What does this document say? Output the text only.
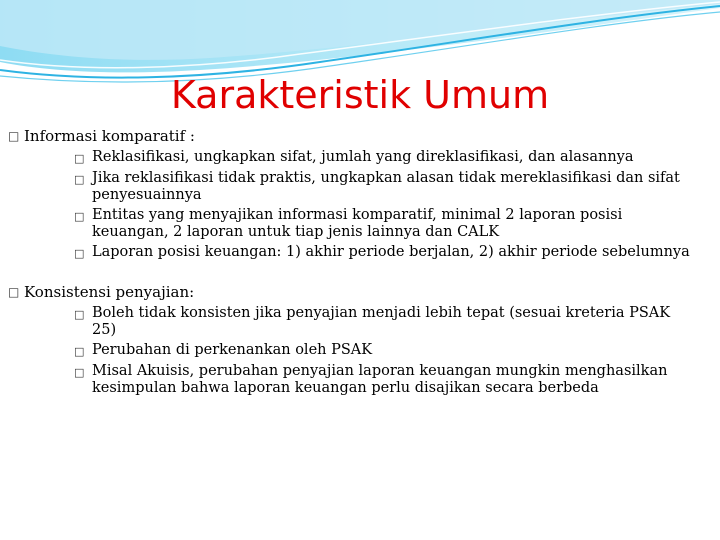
Karakteristik Umum
□ Informasi komparatif :
□ Reklasifikasi, ungkapkan sifat, jumlah yang direklasifikasi, dan alasannya
□ Jika reklasifikasi tidak praktis, ungkapkan alasan tidak mereklasifikasi dan sifat penyesuainnya
□ Entitas yang menyajikan informasi komparatif, minimal 2 laporan posisi keuangan, 2 laporan untuk tiap jenis lainnya dan CALK
□ Laporan posisi keuangan: 1) akhir periode berjalan, 2) akhir periode sebelumnya
□ Konsistensi penyajian:
□ Boleh tidak konsisten jika penyajian menjadi lebih tepat (sesuai kreteria PSAK 25)
□ Perubahan di perkenankan oleh PSAK
□ Misal Akuisis, perubahan penyajian laporan keuangan mungkin menghasilkan kesimpulan bahwa laporan keuangan perlu disajikan secara berbeda
